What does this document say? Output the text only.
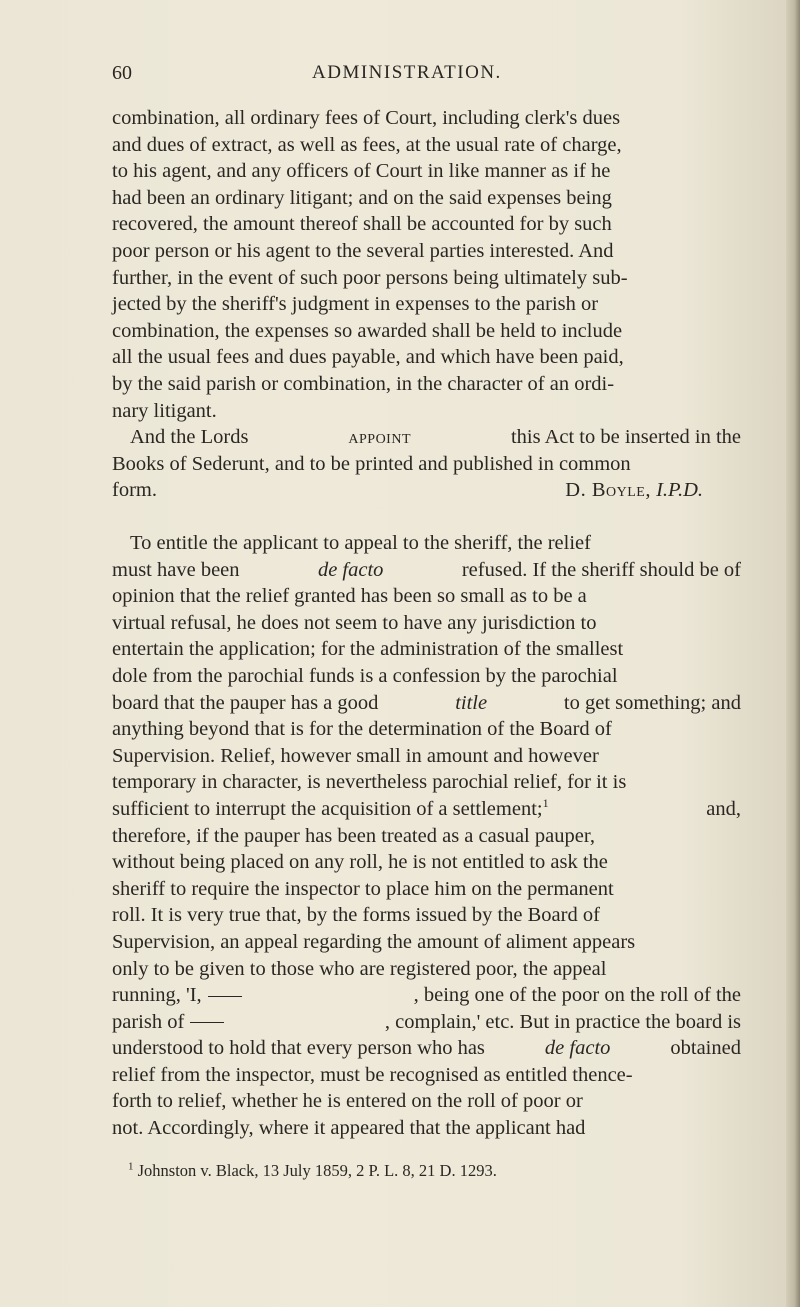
60	ADMINISTRATION.
combination, all ordinary fees of Court, including clerk's dues
and dues of extract, as well as fees, at the usual rate of charge,
to his agent, and any officers of Court in like manner as if he
had been an ordinary litigant; and on the said expenses being
recovered, the amount thereof shall be accounted for by such
poor person or his agent to the several parties interested. And
further, in the event of such poor persons being ultimately sub-
jected by the sheriff's judgment in expenses to the parish or
combination, the expenses so awarded shall be held to include
all the usual fees and dues payable, and which have been paid,
by the said parish or combination, in the character of an ordi-
nary litigant.
And the Lords	appoint	this Act to be inserted in the
Books of Sederunt, and to be printed and published in common
form.	D. Boyle, I.P.D.
To entitle the applicant to appeal to the sheriff, the relief
must have been	de facto	refused. If the sheriff should be of
opinion that the relief granted has been so small as to be a
virtual refusal, he does not seem to have any jurisdiction to
entertain the application; for the administration of the smallest
dole from the parochial funds is a confession by the parochial
board that the pauper has a good	title	to get something; and
anything beyond that is for the determination of the Board of
Supervision. Relief, however small in amount and however
temporary in character, is nevertheless parochial relief, for it is
sufficient to interrupt the acquisition of a settlement;$^1$	and,
therefore, if the pauper has been treated as a casual pauper,
without being placed on any roll, he is not entitled to ask the
sheriff to require the inspector to place him on the permanent
roll. It is very true that, by the forms issued by the Board of
Supervision, an appeal regarding the amount of aliment appears
only to be given to those who are registered poor, the appeal
running, 'I,	, being one of the poor on the roll of the
parish of	, complain,' etc. But in practice the board is
understood to hold that every person who has	de facto	obtained
relief from the inspector, must be recognised as entitled thence-
forth to relief, whether he is entered on the roll of poor or
not. Accordingly, where it appeared that the applicant had
$^1$ Johnston v. Black, 13 July 1859, 2 P. L. 8, 21 D. 1293.
